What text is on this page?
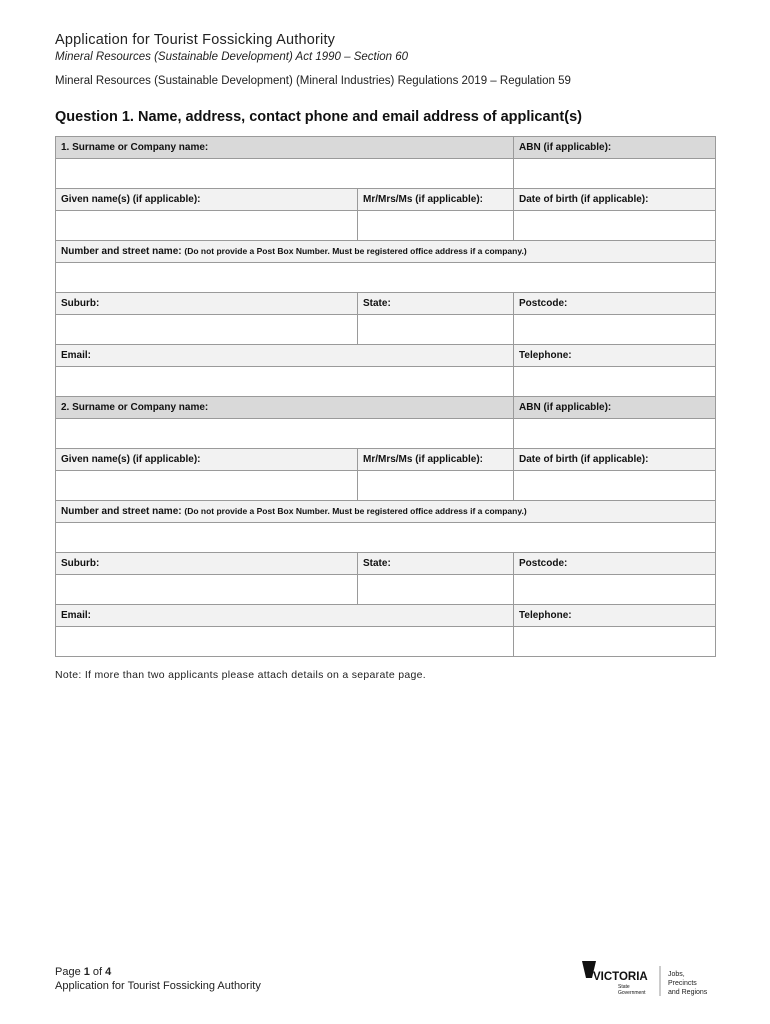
Application for Tourist Fossicking Authority
Mineral Resources (Sustainable Development) Act 1990 – Section 60
Mineral Resources (Sustainable Development) (Mineral Industries) Regulations 2019 – Regulation 59
Question 1. Name, address, contact phone and email address of applicant(s)
1. Surname or Company name:		ABN (if applicable):

Given name(s) (if applicable):	Mr/Mrs/Ms (if applicable):	Date of birth (if applicable):

Number and street name: (Do not provide a Post Box Number. Must be registered office address if a company.)		

Suburb:	State:	Postcode:

Email:		Telephone:

2. Surname or Company name:		ABN (if applicable):

Given name(s) (if applicable):	Mr/Mrs/Ms (if applicable):	Date of birth (if applicable):

Number and street name: (Do not provide a Post Box Number. Must be registered office address if a company.)		

Suburb:	State:	Postcode:

Email:		Telephone:

Note: If more than two applicants please attach details on a separate page.
Page 1 of 4
Application for Tourist Fossicking Authority
VICTORIA
State
Government
Jobs,
Precincts
and Regions
